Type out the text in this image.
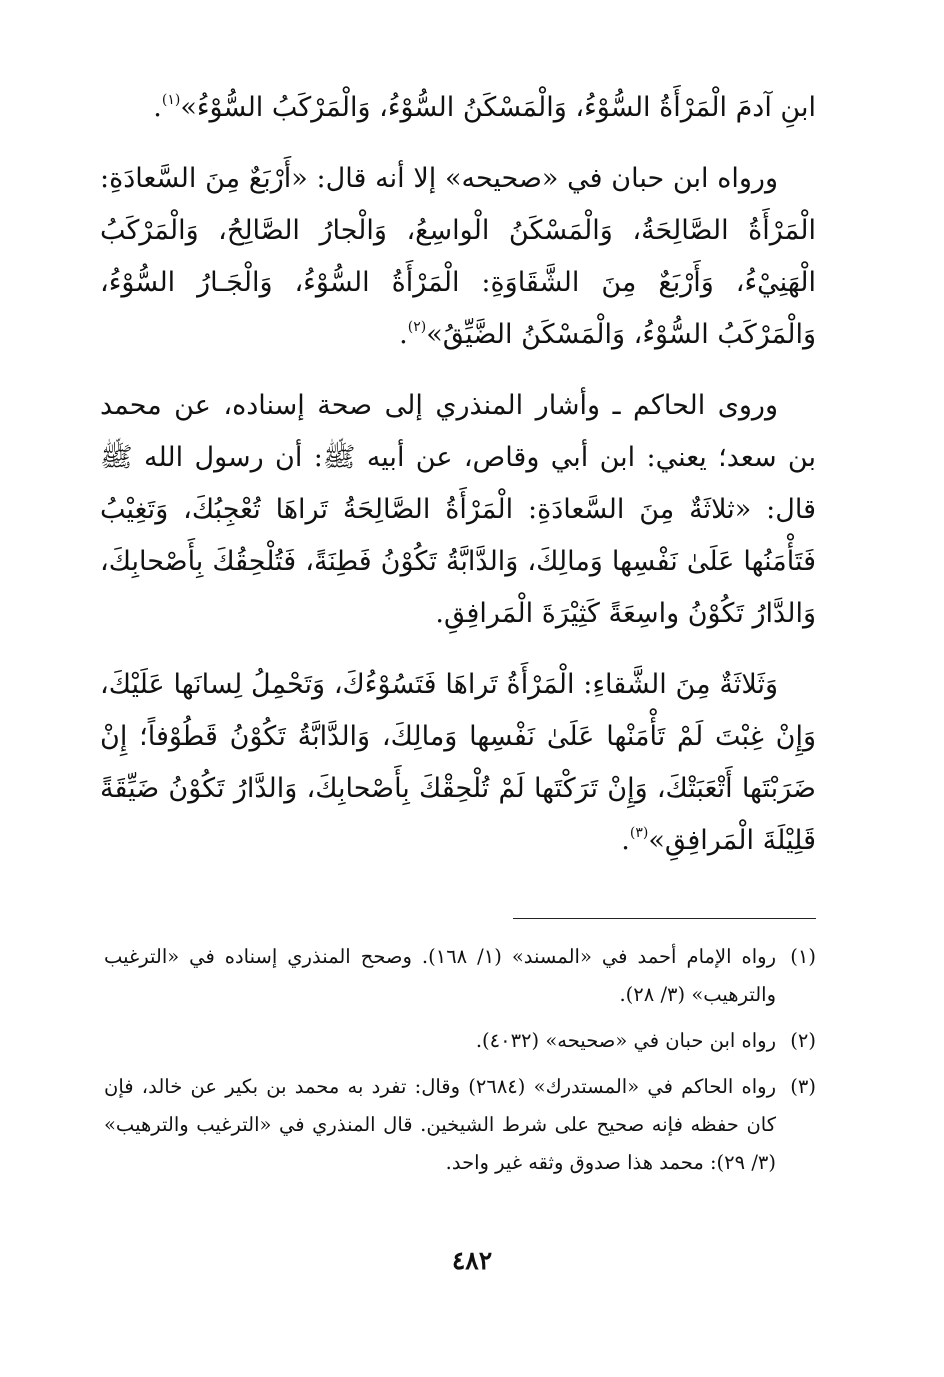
ابنِ آدمَ الْمَرْأَةُ السُّوْءُ، وَالْمَسْكَنُ السُّوْءُ، وَالْمَرْكَبُ السُّوْءُ»$^{(١)}$.

ورواه ابن حبان في «صحيحه» إلا أنه قال: «أَرْبَعٌ مِنَ السَّعادَةِ: الْمَرْأَةُ الصَّالِحَةُ، وَالْمَسْكَنُ الْواسِعُ، وَالْجارُ الصَّالِحُ، وَالْمَرْكَبُ الْهَنِيْءُ، وَأَرْبَعٌ مِنَ الشَّقَاوَةِ: الْمَرْأَةُ السُّوْءُ، وَالْجَـارُ السُّوْءُ، وَالْمَرْكَبُ السُّوْءُ، وَالْمَسْكَنُ الضَّيِّقُ»$^{(٢)}$.

وروى الحاكم ـ وأشار المنذري إلى صحة إسناده، عن محمد بن سعد؛ يعني: ابن أبي وقاص، عن أبيه ﷺ: أن رسول الله ﷺ قال: «ثلاثَةٌ مِنَ السَّعادَةِ: الْمَرْأَةُ الصَّالِحَةُ تَراهَا تُعْجِبُكَ، وَتَغِيْبُ فَتَأْمَنُها عَلَىٰ نَفْسِها وَمالِكَ، وَالدَّابَّةُ تَكُوْنُ فَطِنَةً، فَتُلْحِقُكَ بِأَصْحابِكَ، وَالدَّارُ تَكُوْنُ واسِعَةً كَثِيْرَةَ الْمَرافِقِ.

وَثَلاثَةٌ مِنَ الشَّقاءِ: الْمَرْأَةُ تَراهَا فَتَسُوْءُكَ، وَتَحْمِلُ لِسانَها عَلَيْكَ، وَإِنْ غِبْتَ لَمْ تَأْمَنْها عَلَىٰ نَفْسِها وَمالِكَ، وَالدَّابَّةُ تَكُوْنُ قَطُوْفاً؛ إِنْ ضَرَبْتَها أَتْعَبَتْكَ، وَإِنْ تَرَكْتَها لَمْ تُلْحِقْكَ بِأَصْحابِكَ، وَالدَّارُ تَكُوْنُ ضَيِّقَةً قَلِيْلَةَ الْمَرافِقِ»$^{(٣)}$.

(١)
رواه الإمام أحمد في «المسند» (١/ ١٦٨). وصحح المنذري إسناده في «الترغيب والترهيب» (٣/ ٢٨).
(٢)
رواه ابن حبان في «صحيحه» (٤٠٣٢).
(٣)
رواه الحاكم في «المستدرك» (٢٦٨٤) وقال: تفرد به محمد بن بكير عن خالد، فإن كان حفظه فإنه صحيح على شرط الشيخين. قال المنذري في «الترغيب والترهيب» (٣/ ٢٩): محمد هذا صدوق وثقه غير واحد.
٤٨٢
